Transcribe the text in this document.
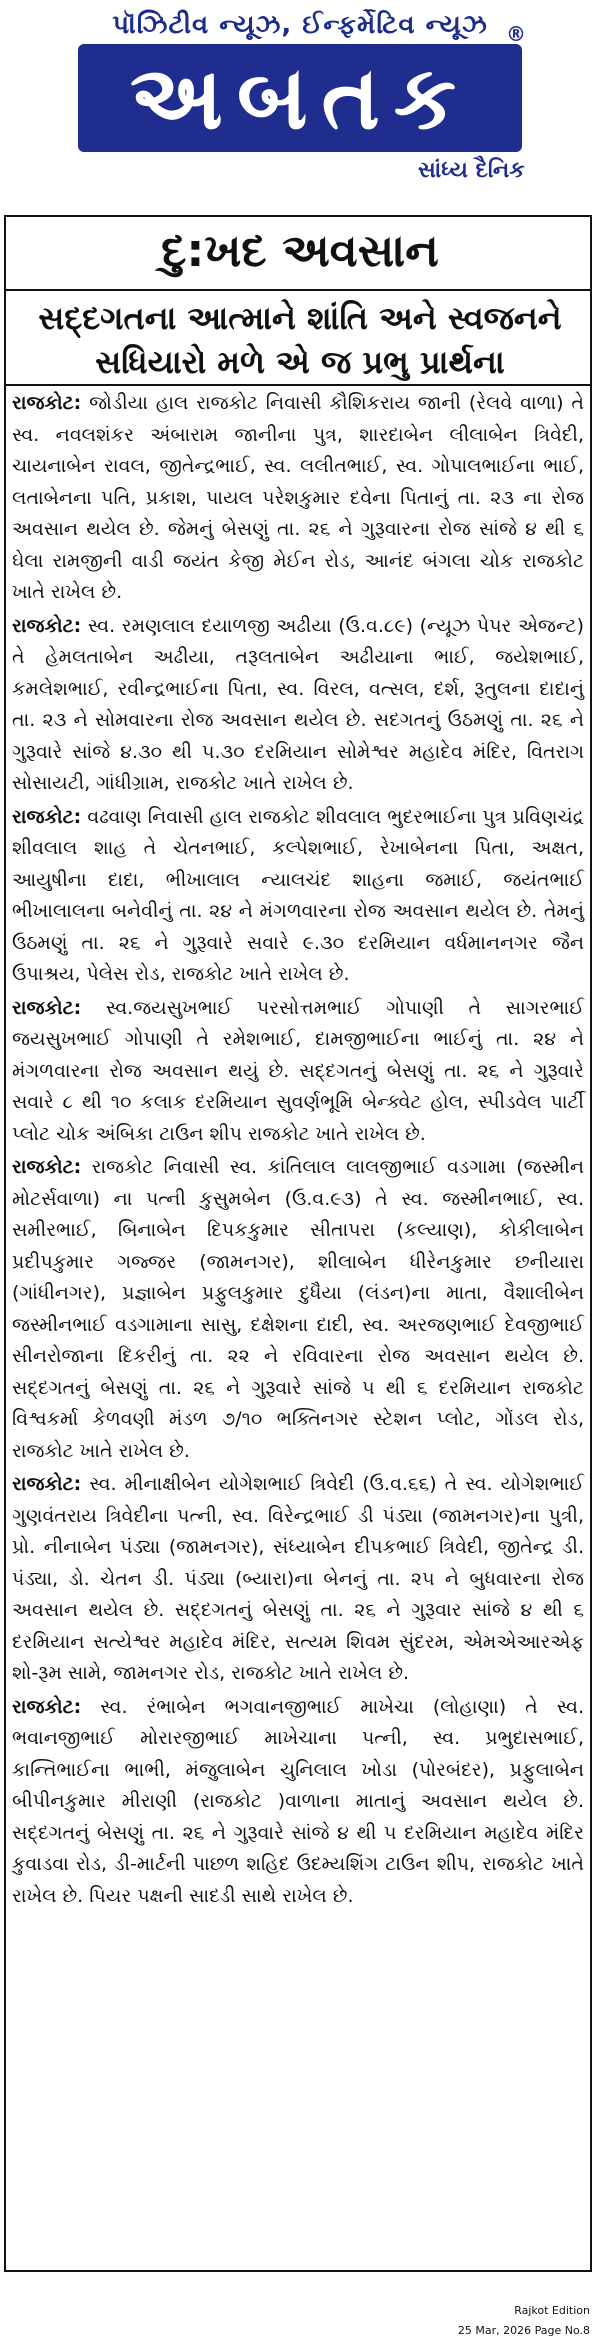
પૉઝિટીવ ન્યૂઝ, ઈન્ફર્મેટિવ ન્યૂઝ
અબતક
®
સાંધ્ય દૈનિક
દુ:ખદ અવસાન
સદ્દગતના આત્માને શાંતિ અને સ્વજનને સધિયારો મળે એ જ પ્રભુ પ્રાર્થના

રાજકોટ: જોડીયા હાલ રાજકોટ નિવાસી કૌશિકરાય જાની (રેલવે વાળા) તે સ્વ. નવલશંકર અંબારામ જાનીના પુત્ર, શારદાબેન લીલાબેન ત્રિવેદી, ચાયનાબેન રાવલ, જીતેન્દ્રભાઈ, સ્વ. લલીતભાઈ, સ્વ. ગોપાલભાઈના ભાઈ, લતાબેનના પતિ, પ્રકાશ, પાયલ પરેશકુમાર દવેના પિતાનું તા. ૨૩ ના રોજ અવસાન થયેલ છે. જેમનું બેસણું તા. ૨૬ ને ગુરૂવારના રોજ સાંજે ૪ થી ૬ ઘેલા રામજીની વાડી જયંત કેજી મેઈન રોડ, આનંદ બંગલા ચોક રાજકોટ ખાતે રાખેલ છે.

રાજકોટ: સ્વ. રમણલાલ દયાળજી અઢીયા (ઉ.વ.૮૯) (ન્યૂઝ પેપર એજન્ટ) તે હેમલતાબેન અઢીયા, તરૂલતાબેન અઢીયાના ભાઈ, જયેશભાઈ, કમલેશભાઈ, રવીન્દ્રભાઈના પિતા, સ્વ. વિરલ, વત્સલ, દર્શ, રૂતુલના દાદાનું તા. ૨૩ ને સોમવારના રોજ અવસાન થયેલ છે. સદગતનું ઉઠમણું તા. ૨૬ ને ગુરૂવારે સાંજે ૪.૩૦ થી ૫.૩૦ દરમિયાન સોમેશ્વર મહાદેવ મંદિર, વિતરાગ સોસાયટી, ગાંધીગ્રામ, રાજકોટ ખાતે રાખેલ છે.

રાજકોટ: વઢવાણ નિવાસી હાલ રાજકોટ શીવલાલ ભુદરભાઈના પુત્ર પ્રવિણચંદ્ર શીવલાલ શાહ તે ચેતનભાઈ, કલ્પેશભાઈ, રેખાબેનના પિતા, અક્ષત, આયુષીના દાદા, ભીખાલાલ ન્યાલચંદ શાહના જમાઈ, જયંતભાઈ ભીખાલાલના બનેવીનું તા. ૨૪ ને મંગળવારના રોજ અવસાન થયેલ છે. તેમનું ઉઠમણું તા. ૨૬ ને ગુરૂવારે સવારે ૯.૩૦ દરમિયાન વર્ધમાનનગર જૈન ઉપાશ્રય, પેલેસ રોડ, રાજકોટ ખાતે રાખેલ છે.

રાજકોટ: સ્વ.જયસુખભાઈ પરસોત્તમભાઈ ગોપાણી તે સાગરભાઈ જયસુખભાઈ ગોપાણી તે રમેશભાઈ, દામજીભાઈના ભાઈનું તા. ૨૪ ને મંગળવારના રોજ અવસાન થયું છે. સદ્દગતનું બેસણું તા. ૨૬ ને ગુરૂવારે સવારે ૮ થી ૧૦ કલાક દરમિયાન સુવર્ણભૂમિ બેન્ક્વેટ હોલ, સ્પીડવેલ પાર્ટી પ્લોટ ચોક અંબિકા ટાઉન શીપ રાજકોટ ખાતે રાખેલ છે.

રાજકોટ: રાજકોટ નિવાસી સ્વ. કાંતિલાલ લાલજીભાઈ વડગામા (જસ્મીન મોટર્સવાળા) ના પત્ની કુસુમબેન (ઉ.વ.૯૩) તે સ્વ. જસ્મીનભાઈ, સ્વ. સમીરભાઈ, બિનાબેન દિપકકુમાર સીતાપરા (કલ્યાણ), કોકીલાબેન પ્રદીપકુમાર ગજ્જર (જામનગર), શીલાબેન ધીરેનકુમાર છનીયારા (ગાંધીનગર), પ્રજ્ઞાબેન પ્રફુલકુમાર દુધૈયા (લંડન)ના માતા, વૈશાલીબેન જસ્મીનભાઈ વડગામાના સાસુ, દક્ષેશના દાદી, સ્વ. અરજણભાઈ દેવજીભાઈ સીનરોજાના દિકરીનું તા. ૨૨ ને રવિવારના રોજ અવસાન થયેલ છે. સદ્દગતનું બેસણું તા. ૨૬ ને ગુરૂવારે સાંજે ૫ થી ૬ દરમિયાન રાજકોટ વિશ્વકર્મા કેળવણી મંડળ ૭/૧૦ ભક્તિનગર સ્ટેશન પ્લોટ, ગોંડલ રોડ, રાજકોટ ખાતે રાખેલ છે.

રાજકોટ: સ્વ. મીનાક્ષીબેન યોગેશભાઈ ત્રિવેદી (ઉ.વ.૬૬) તે સ્વ. યોગેશભાઈ ગુણવંતરાય ત્રિવેદીના પત્ની, સ્વ. વિરેન્દ્રભાઈ ડી પંડ્યા (જામનગર)ના પુત્રી, પ્રો. નીનાબેન પંડ્યા (જામનગર), સંધ્યાબેન દીપકભાઈ ત્રિવેદી, જીતેન્દ્ર ડી. પંડ્યા, ડો. ચેતન ડી. પંડ્યા (બ્યારા)ના બેનનું તા. ૨૫ ને બુધવારના રોજ અવસાન થયેલ છે. સદ્દગતનું બેસણું તા. ૨૬ ને ગુરૂવાર સાંજે ૪ થી ૬ દરમિયાન સત્યેશ્વર મહાદેવ મંદિર, સત્યમ શિવમ સુંદરમ, એમએઆરએફ શો-રૂમ સામે, જામનગર રોડ, રાજકોટ ખાતે રાખેલ છે.

રાજકોટ: સ્વ. રંભાબેન ભગવાનજીભાઈ માખેચા (લોહાણા) તે સ્વ. ભવાનજીભાઈ મોરારજીભાઈ માખેચાના પત્ની, સ્વ. પ્રભુદાસભાઈ, કાન્તિભાઈના ભાભી, મંજુલાબેન ચુનિલાલ ખોડા (પોરબંદર), પ્રફુલાબેન બીપીનકુમાર મીરાણી (રાજકોટ )વાળાના માતાનું અવસાન થયેલ છે. સદ્દગતનું બેસણું તા. ૨૬ ને ગુરૂવારે સાંજે ૪ થી ૫ દરમિયાન મહાદેવ મંદિર કુવાડવા રોડ, ડી-માર્ટની પાછળ શહિદ ઉદમ્યશિંગ ટાઉન શીપ, રાજકોટ ખાતે રાખેલ છે. પિયર પક્ષની સાદડી સાથે રાખેલ છે.

Rajkot Edition
25 Mar, 2026 Page No.8
